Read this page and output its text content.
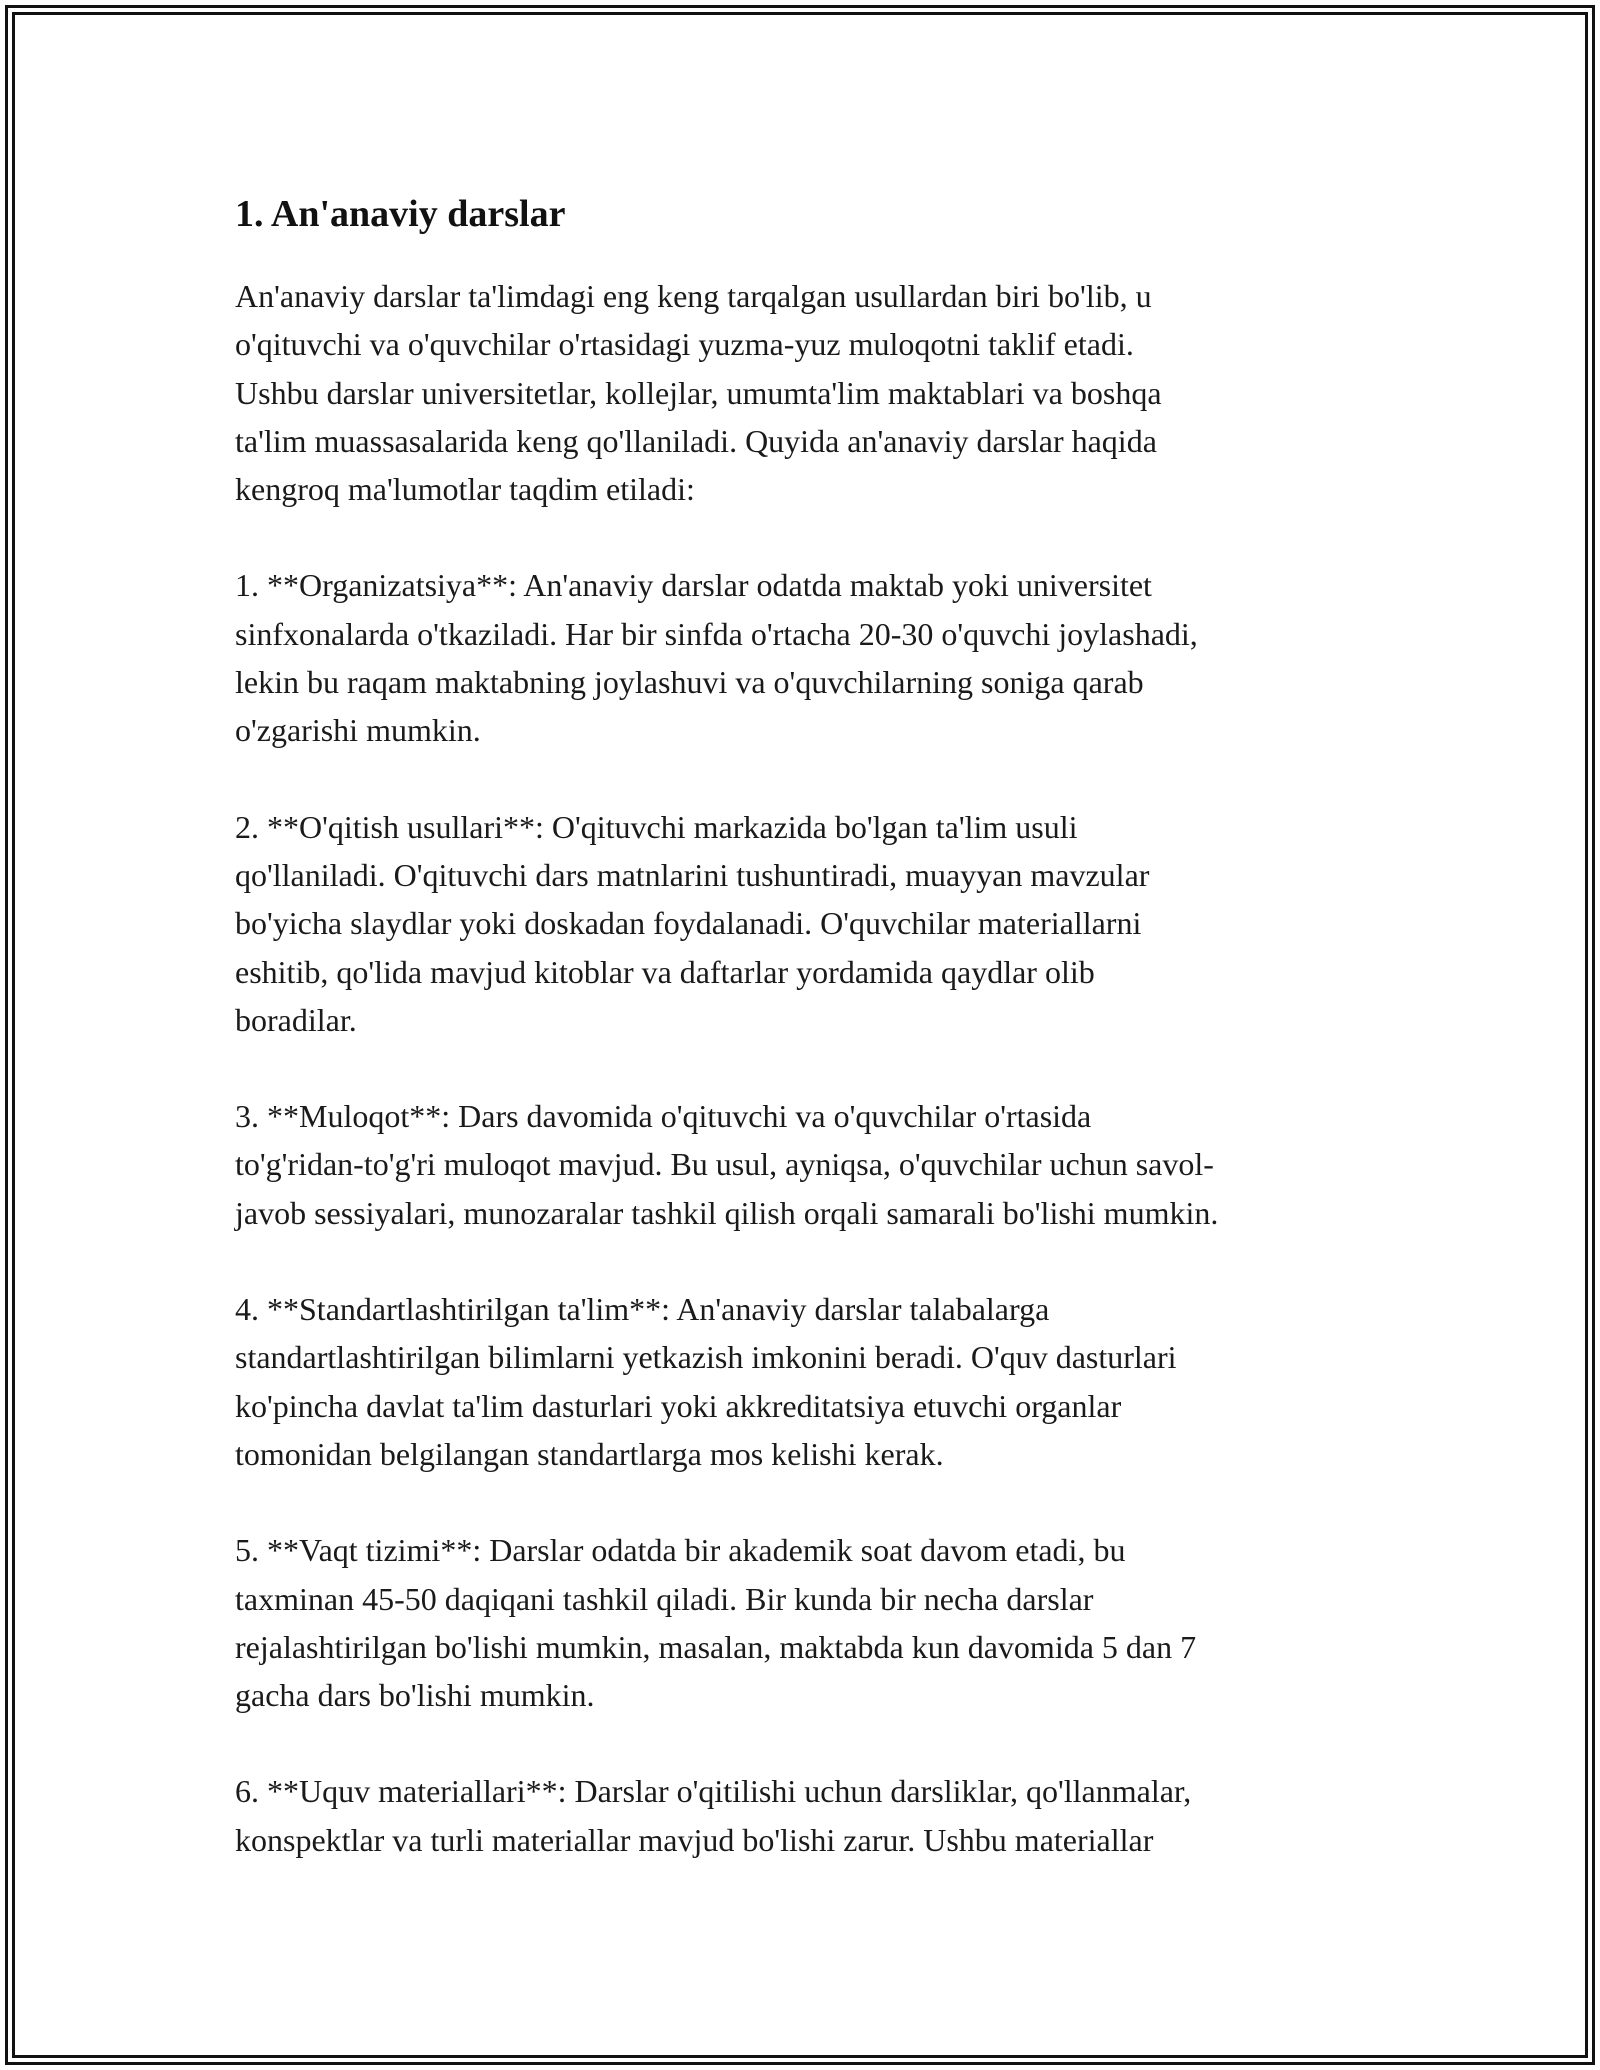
1. An'anaviy darslar

An'anaviy darslar ta'limdagi eng keng tarqalgan usullardan biri bo'lib, u
o'qituvchi va o'quvchilar o'rtasidagi yuzma-yuz muloqotni taklif etadi.
Ushbu darslar universitetlar, kollejlar, umumta'lim maktablari va boshqa
ta'lim muassasalarida keng qo'llaniladi. Quyida an'anaviy darslar haqida
kengroq ma'lumotlar taqdim etiladi:

1. **Organizatsiya**: An'anaviy darslar odatda maktab yoki universitet
sinfxonalarda o'tkaziladi. Har bir sinfda o'rtacha 20-30 o'quvchi joylashadi,
lekin bu raqam maktabning joylashuvi va o'quvchilarning soniga qarab
o'zgarishi mumkin.

2. **O'qitish usullari**: O'qituvchi markazida bo'lgan ta'lim usuli
qo'llaniladi. O'qituvchi dars matnlarini tushuntiradi, muayyan mavzular
bo'yicha slaydlar yoki doskadan foydalanadi. O'quvchilar materiallarni
eshitib, qo'lida mavjud kitoblar va daftarlar yordamida qaydlar olib
boradilar.

3. **Muloqot**: Dars davomida o'qituvchi va o'quvchilar o'rtasida
to'g'ridan-to'g'ri muloqot mavjud. Bu usul, ayniqsa, o'quvchilar uchun savol-
javob sessiyalari, munozaralar tashkil qilish orqali samarali bo'lishi mumkin.

4. **Standartlashtirilgan ta'lim**: An'anaviy darslar talabalarga
standartlashtirilgan bilimlarni yetkazish imkonini beradi. O'quv dasturlari
ko'pincha davlat ta'lim dasturlari yoki akkreditatsiya etuvchi organlar
tomonidan belgilangan standartlarga mos kelishi kerak.

5. **Vaqt tizimi**: Darslar odatda bir akademik soat davom etadi, bu
taxminan 45-50 daqiqani tashkil qiladi. Bir kunda bir necha darslar
rejalashtirilgan bo'lishi mumkin, masalan, maktabda kun davomida 5 dan 7
gacha dars bo'lishi mumkin.

6. **Uquv materiallari**: Darslar o'qitilishi uchun darsliklar, qo'llanmalar,
konspektlar va turli materiallar mavjud bo'lishi zarur. Ushbu materiallar
